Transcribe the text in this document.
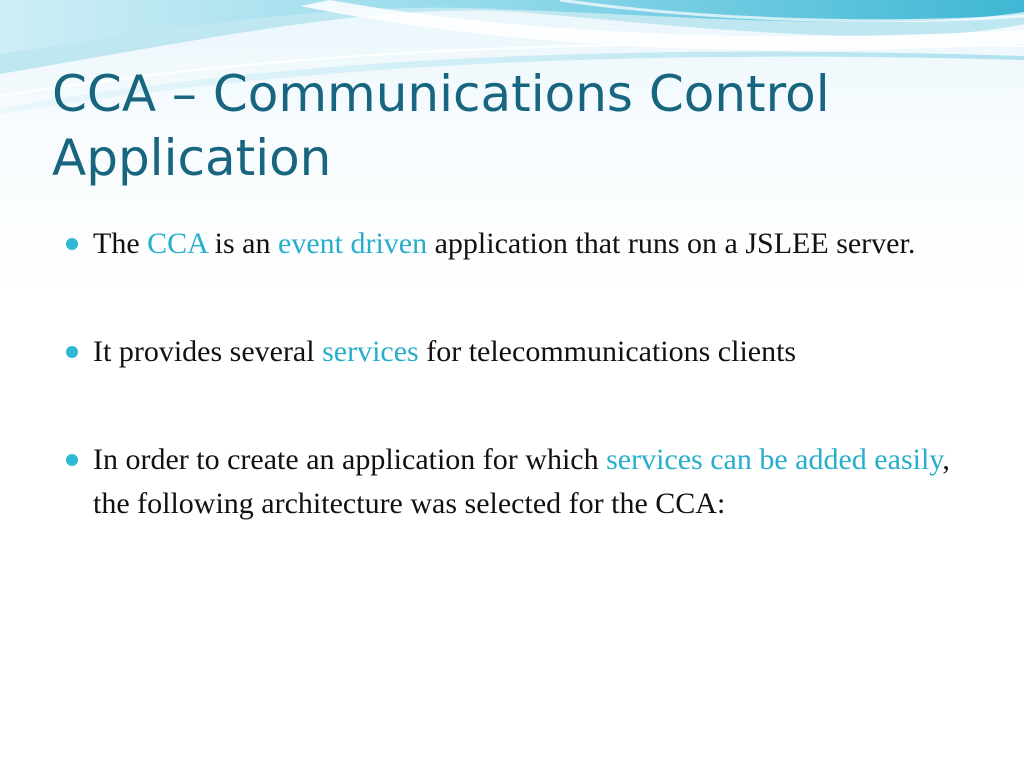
CCA – Communications Control Application
The CCA is an event driven application that runs on a JSLEE server.
It provides several services for telecommunications clients
In order to create an application for which services can be added easily, the following architecture was selected for the CCA:
